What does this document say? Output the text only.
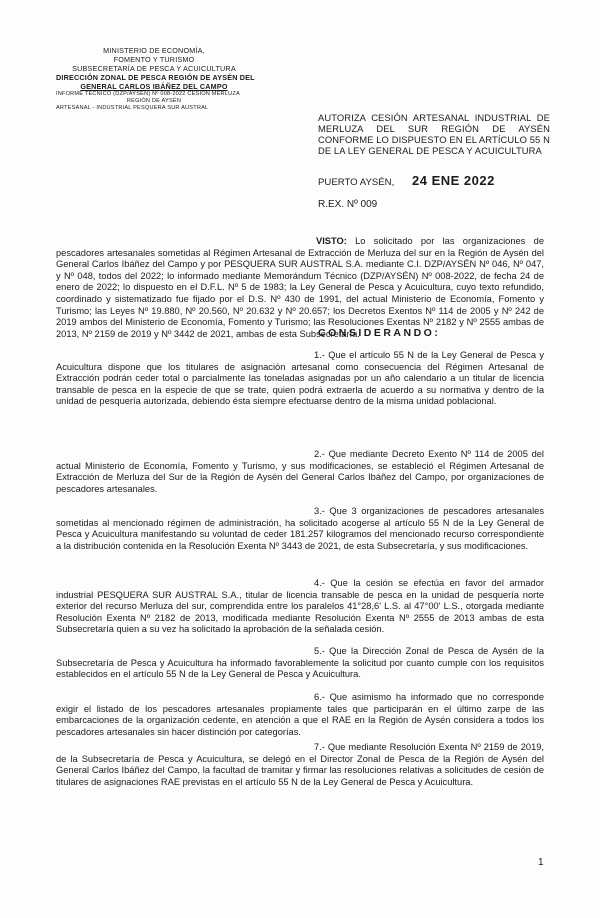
MINISTERIO DE ECONOMÍA,
FOMENTO Y TURISMO
SUBSECRETARÍA DE PESCA Y ACUICULTURA
DIRECCIÓN ZONAL DE PESCA REGIÓN DE AYSÉN DEL
GENERAL CARLOS IBÁÑEZ DEL CAMPO
INFORME TÉCNICO (DZP/AYSÉN) Nº 008-2022 CESIÓN MERLUZA
REGIÓN DE AYSÉN
ARTESANAL - INDUSTRIAL PESQUERA SUR AUSTRAL
AUTORIZA CESIÓN ARTESANAL INDUSTRIAL DE MERLUZA DEL SUR REGIÓN DE AYSÉN CONFORME LO DISPUESTO EN EL ARTÍCULO 55 N DE LA LEY GENERAL DE PESCA Y ACUICULTURA
PUERTO AYSÉN, 24 ENE 2022
R.EX. Nº 009
VISTO: Lo solicitado por las organizaciones de pescadores artesanales sometidas al Régimen Artesanal de Extracción de Merluza del sur en la Región de Aysén del General Carlos Ibáñez del Campo y por PESQUERA SUR AUSTRAL S.A. mediante C.I. DZP/AYSÉN Nº 046, Nº 047, y Nº 048, todos del 2022; lo informado mediante Memorándum Técnico (DZP/AYSÉN) Nº 008-2022, de fecha 24 de enero de 2022; lo dispuesto en el D.F.L. Nº 5 de 1983; la Ley General de Pesca y Acuicultura, cuyo texto refundido, coordinado y sistematizado fue fijado por el D.S. Nº 430 de 1991, del actual Ministerio de Economía, Fomento y Turismo; las Leyes Nº 19.880, Nº 20.560, Nº 20.632 y Nº 20.657; los Decretos Exentos Nº 114 de 2005 y Nº 242 de 2019 ambos del Ministerio de Economía, Fomento y Turismo; las Resoluciones Exentas Nº 2182 y Nº 2555 ambas de 2013, Nº 2159 de 2019 y Nº 3442 de 2021, ambas de esta Subsecretaría.
CONSIDERANDO:
1.- Que el artículo 55 N de la Ley General de Pesca y Acuicultura dispone que los titulares de asignación artesanal como consecuencia del Régimen Artesanal de Extracción podrán ceder total o parcialmente las toneladas asignadas por un año calendario a un titular de licencia transable de pesca en la especie de que se trate, quien podrá extraerla de acuerdo a su normativa y dentro de la unidad de pesquería autorizada, debiendo ésta siempre efectuarse dentro de la misma unidad poblacional.
2.- Que mediante Decreto Exento Nº 114 de 2005 del actual Ministerio de Economía, Fomento y Turismo, y sus modificaciones, se estableció el Régimen Artesanal de Extracción de Merluza del Sur de la Región de Aysén del General Carlos Ibáñez del Campo, por organizaciones de pescadores artesanales.
3.- Que 3 organizaciones de pescadores artesanales sometidas al mencionado régimen de administración, ha solicitado acogerse al artículo 55 N de la Ley General de Pesca y Acuicultura manifestando su voluntad de ceder 181.257 kilogramos del mencionado recurso correspondiente a la distribución contenida en la Resolución Exenta Nº 3443 de 2021, de esta Subsecretaría, y sus modificaciones.
4.- Que la cesión se efectúa en favor del armador industrial PESQUERA SUR AUSTRAL S.A., titular de licencia transable de pesca en la unidad de pesquería norte exterior del recurso Merluza del sur, comprendida entre los paralelos 41°28,6' L.S. al 47°00' L.S., otorgada mediante Resolución Exenta Nº 2182 de 2013, modificada mediante Resolución Exenta Nº 2555 de 2013 ambas de esta Subsecretaría quien a su vez ha solicitado la aprobación de la señalada cesión.
5.- Que la Dirección Zonal de Pesca de Aysén de la Subsecretaría de Pesca y Acuicultura ha informado favorablemente la solicitud por cuanto cumple con los requisitos establecidos en el artículo 55 N de la Ley General de Pesca y Acuicultura.
6.- Que asimismo ha informado que no corresponde exigir el listado de los pescadores artesanales propiamente tales que participarán en el último zarpe de las embarcaciones de la organización cedente, en atención a que el RAE en la Región de Aysén considera a todos los pescadores artesanales sin hacer distinción por categorías.
7.- Que mediante Resolución Exenta Nº 2159 de 2019, de la Subsecretaría de Pesca y Acuicultura, se delegó en el Director Zonal de Pesca de la Región de Aysén del General Carlos Ibáñez del Campo, la facultad de tramitar y firmar las resoluciones relativas a solicitudes de cesión de titulares de asignaciones RAE previstas en el artículo 55 N de la Ley General de Pesca y Acuicultura.
1
